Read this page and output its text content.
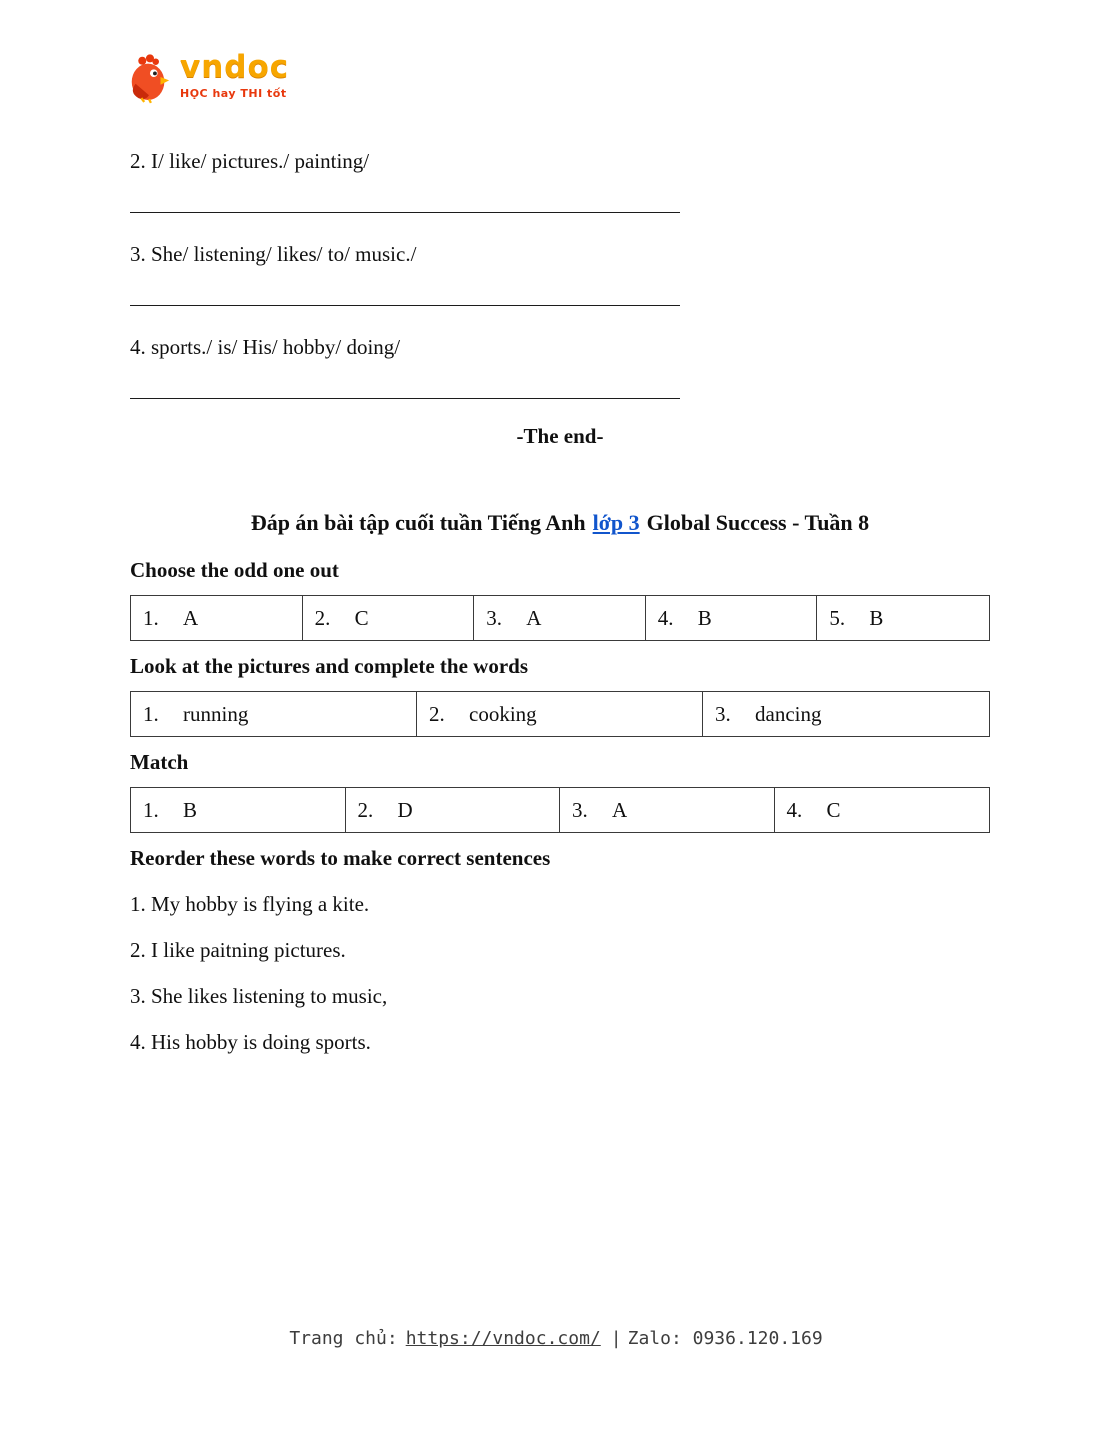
vndoc
HỌC hay THI tốt

2. I/ like/ pictures./ painting/

3. She/ listening/ likes/ to/ music./

4. sports./ is/ His/ hobby/ doing/

-The end-

Đáp án bài tập cuối tuần Tiếng Anh lớp 3 Global Success - Tuần 8
Choose the odd one out
1. A	2. C	3. A	4. B	5. B
Look at the pictures and complete the words
1. running	2. cooking	3. dancing
Match
1. B	2. D	3. A	4. C
Reorder these words to make correct sentences

1. My hobby is flying a kite.

2. I like paitning pictures.

3. She likes listening to music,

4. His hobby is doing sports.

Trang chủ: https://vndoc.com/ | Zalo: 0936.120.169
